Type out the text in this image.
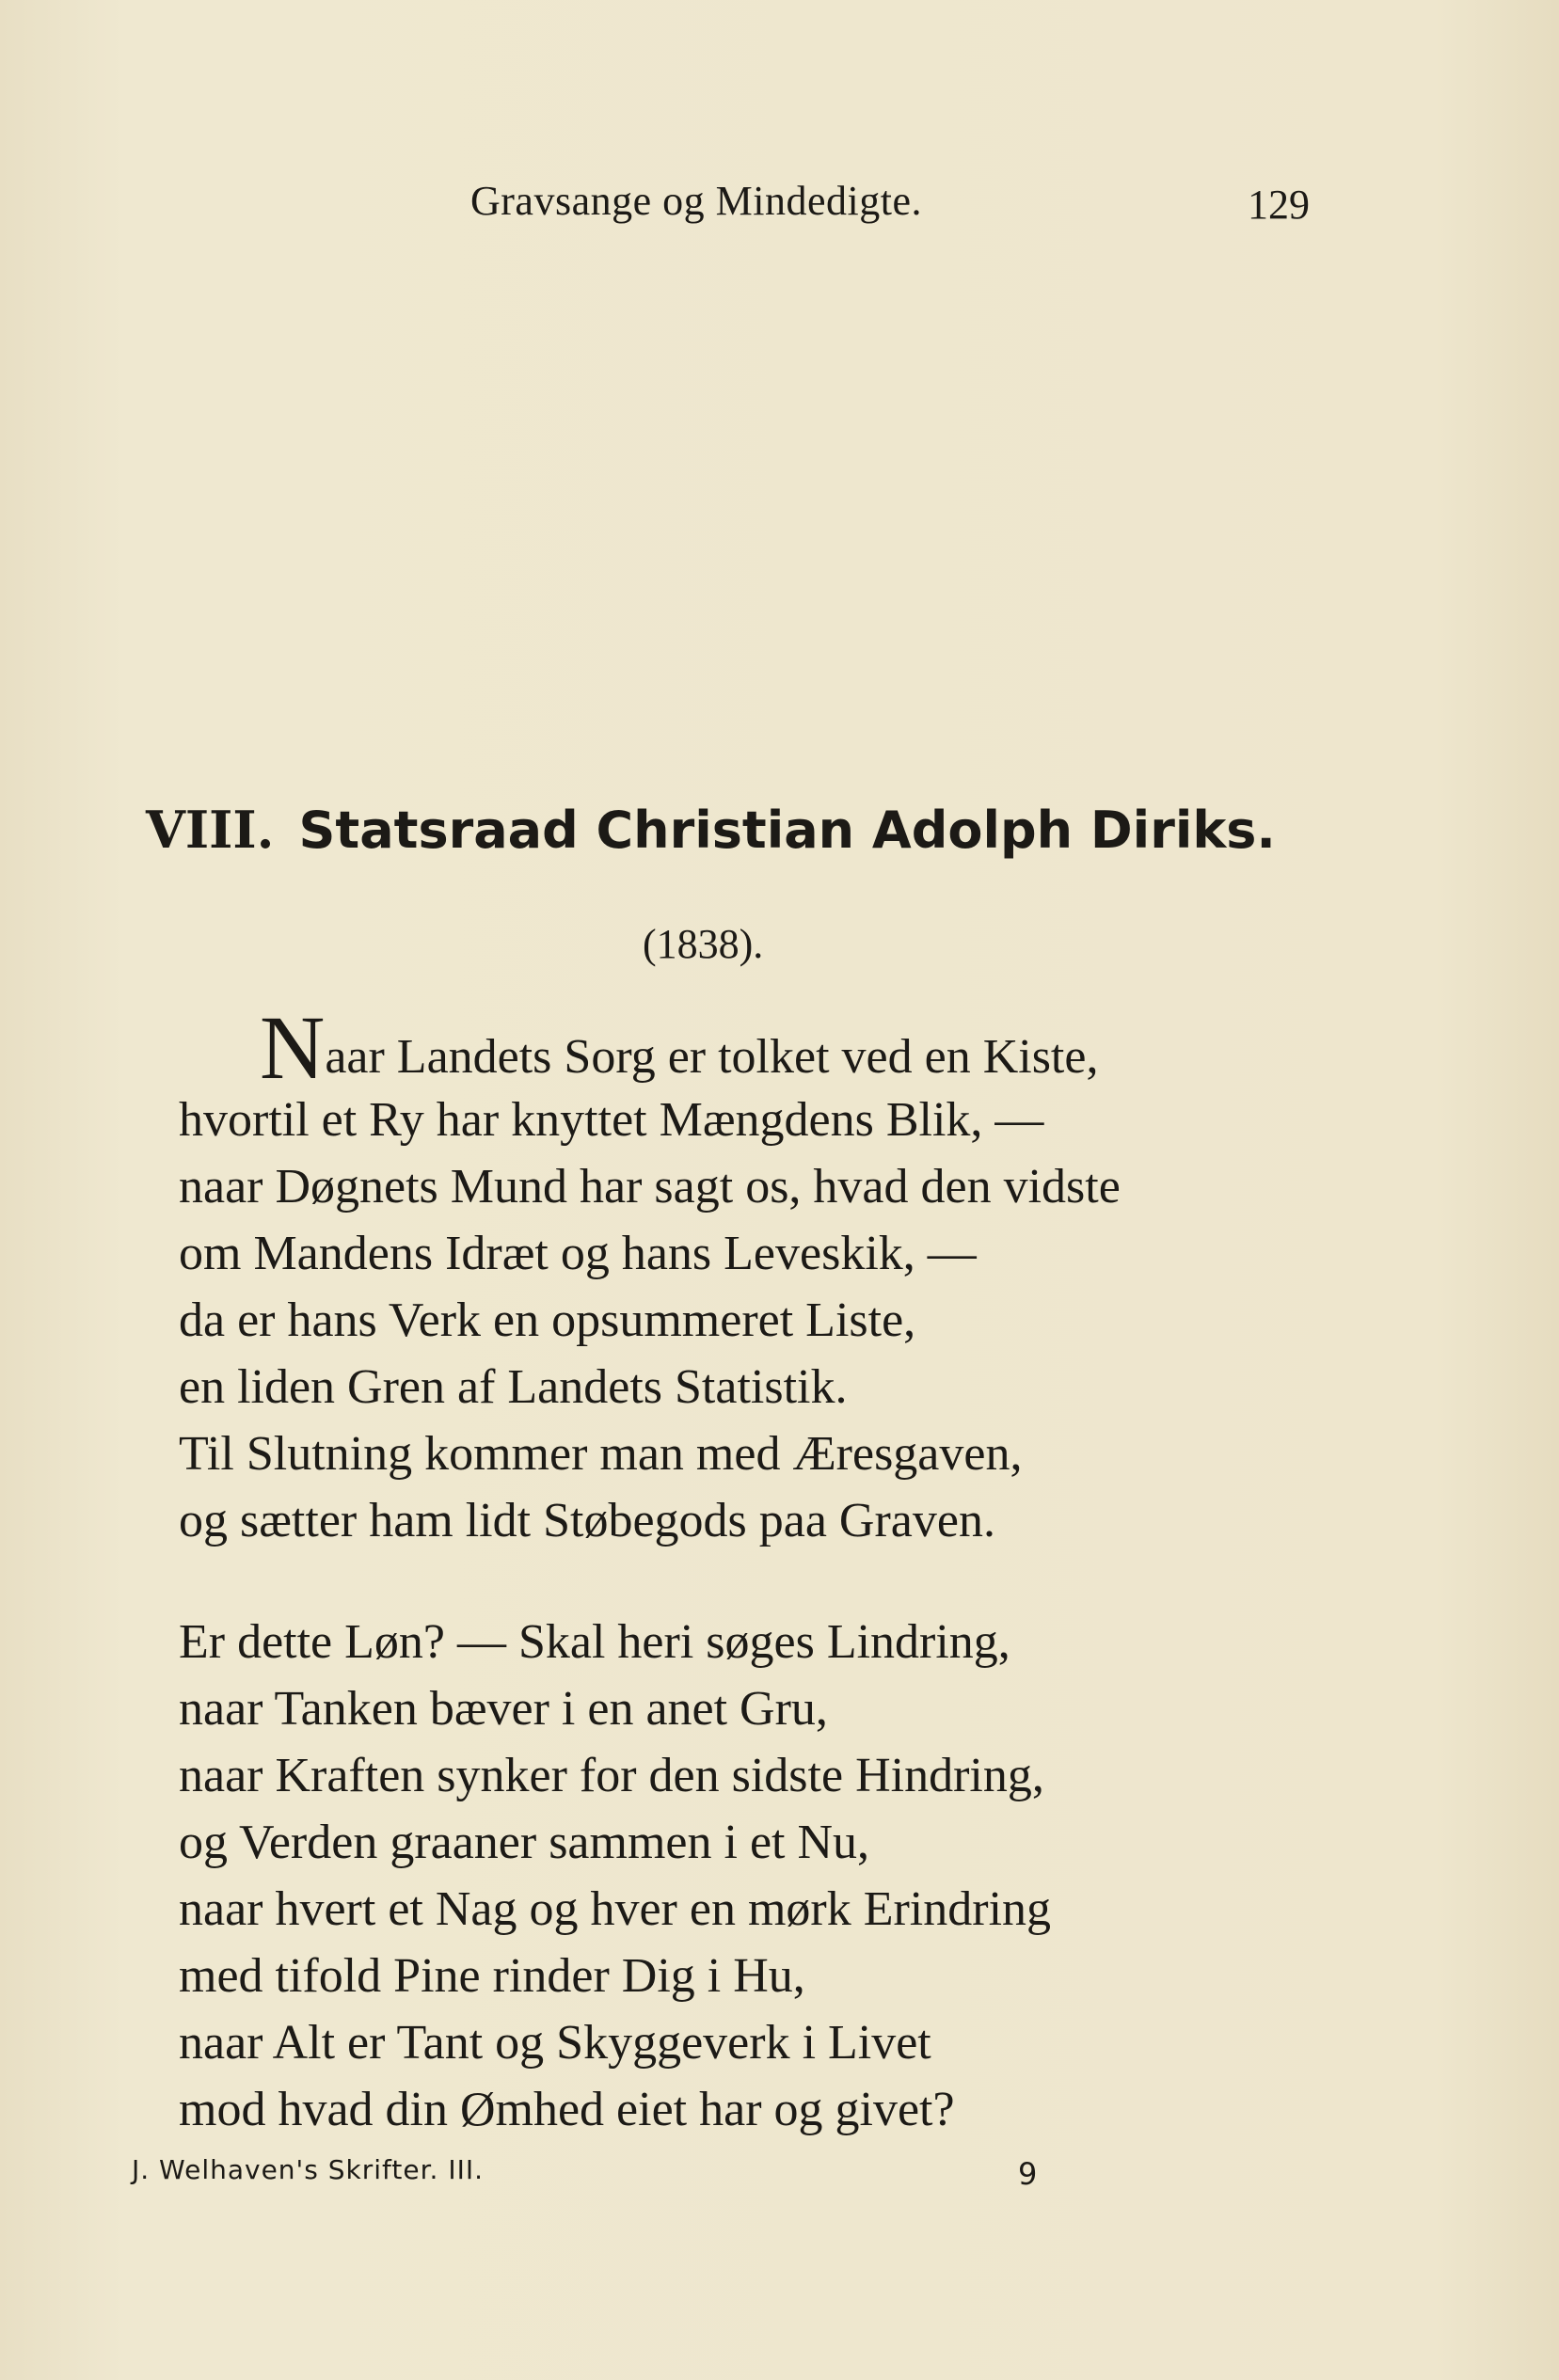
Gravsange og Mindedigte.	129
VIII. Statsraad Christian Adolph Diriks.
(1838).
Naar Landets Sorg er tolket ved en Kiste,
hvortil et Ry har knyttet Mængdens Blik, —
naar Døgnets Mund har sagt os, hvad den vidste
om Mandens Idræt og hans Leveskik, —
da er hans Verk en opsummeret Liste,
en liden Gren af Landets Statistik.
Til Slutning kommer man med Æresgaven,
og sætter ham lidt Støbegods paa Graven.
Er dette Løn? — Skal heri søges Lindring,
naar Tanken bæver i en anet Gru,
naar Kraften synker for den sidste Hindring,
og Verden graaner sammen i et Nu,
naar hvert et Nag og hver en mørk Erindring
med tifold Pine rinder Dig i Hu,
naar Alt er Tant og Skyggeverk i Livet
mod hvad din Ømhed eiet har og givet?
J. Welhaven's Skrifter. III.	9
